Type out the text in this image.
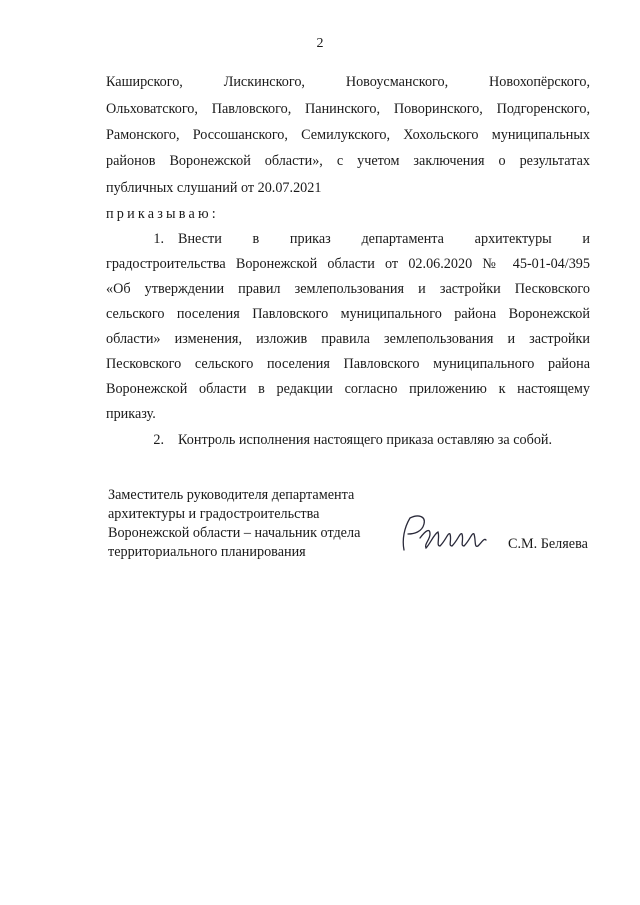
2
Каширского, Лискинского, Новоусманского, Новохопёрского,
Ольховатского, Павловского, Панинского, Поворинского, Подгоренского,
Рамонского, Россошанского, Семилукского, Хохольского муниципальных
районов Воронежской области», с учетом заключения о результатах
публичных слушаний от 20.07.2021
приказываю:
1. Внести в приказ департамента архитектуры и
градостроительства Воронежской области от 02.06.2020 № 45-01-04/395
«Об утверждении правил землепользования и застройки Песковского
сельского поселения Павловского муниципального района Воронежской
области» изменения, изложив правила землепользования и застройки
Песковского сельского поселения Павловского муниципального района
Воронежской области в редакции согласно приложению к настоящему
приказу.
2. Контроль исполнения настоящего приказа оставляю за собой.
Заместитель руководителя департамента
архитектуры и градостроительства
Воронежской области – начальник отдела
территориального планирования	С.М. Беляева
